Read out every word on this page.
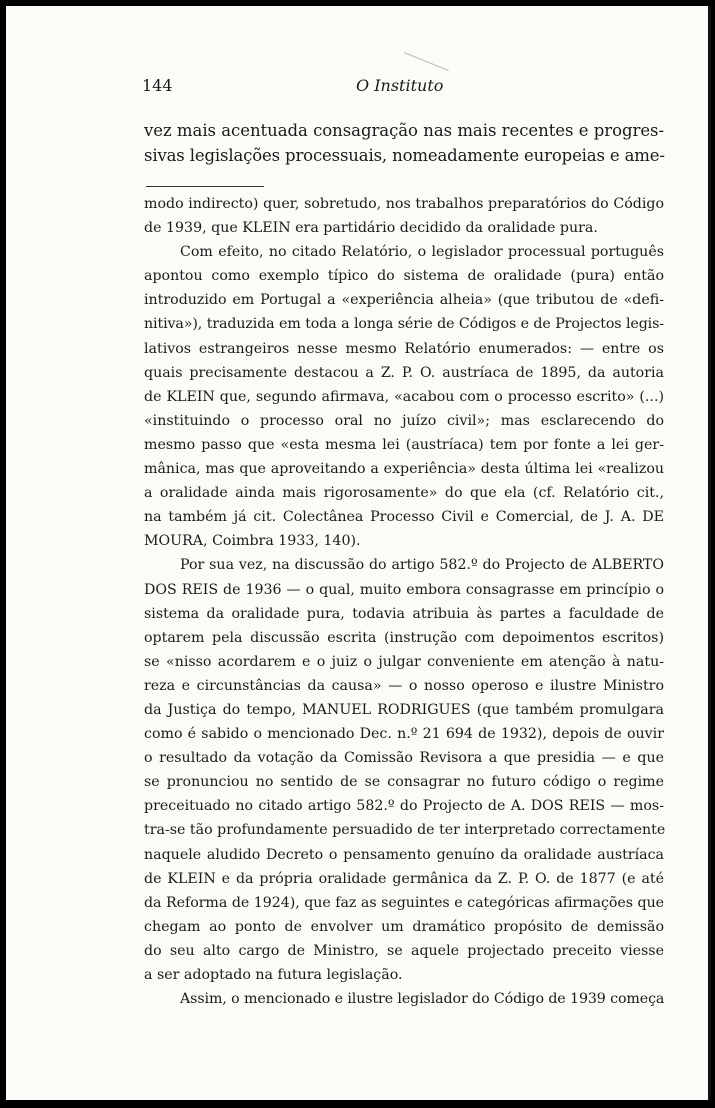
144	O Instituto
vez mais acentuada consagração nas mais recentes e progres-
sivas legislações processuais, nomeadamente europeias e ame-

modo indirecto) quer, sobretudo, nos trabalhos preparatórios do Código
de 1939, que KLEIN era partidário decidido da oralidade pura.

Com efeito, no citado Relatório, o legislador processual português
apontou como exemplo típico do sistema de oralidade (pura) então
introduzido em Portugal a «experiência alheia» (que tributou de «defi-
nitiva»), traduzida em toda a longa série de Códigos e de Projectos legis-
lativos estrangeiros nesse mesmo Relatório enumerados: — entre os
quais precisamente destacou a Z. P. O. austríaca de 1895, da autoria
de KLEIN que, segundo afirmava, «acabou com o processo escrito» (...)
«instituindo o processo oral no juízo civil»; mas esclarecendo do
mesmo passo que «esta mesma lei (austríaca) tem por fonte a lei ger-
mânica, mas que aproveitando a experiência» desta última lei «realizou
a oralidade ainda mais rigorosamente» do que ela (cf. Relatório cit.,
na também já cit. Colectânea Processo Civil e Comercial, de J. A. DE
MOURA, Coimbra 1933, 140).

Por sua vez, na discussão do artigo 582.º do Projecto de ALBERTO
DOS REIS de 1936 — o qual, muito embora consagrasse em princípio o
sistema da oralidade pura, todavia atribuia às partes a faculdade de
optarem pela discussão escrita (instrução com depoimentos escritos)
se «nisso acordarem e o juiz o julgar conveniente em atenção à natu-
reza e circunstâncias da causa» — o nosso operoso e ilustre Ministro
da Justiça do tempo, MANUEL RODRIGUES (que também promulgara
como é sabido o mencionado Dec. n.º 21 694 de 1932), depois de ouvir
o resultado da votação da Comissão Revisora a que presidia — e que
se pronunciou no sentido de se consagrar no futuro código o regime
preceituado no citado artigo 582.º do Projecto de A. DOS REIS — mos-
tra-se tão profundamente persuadido de ter interpretado correctamente
naquele aludido Decreto o pensamento genuíno da oralidade austríaca
de KLEIN e da própria oralidade germânica da Z. P. O. de 1877 (e até
da Reforma de 1924), que faz as seguintes e categóricas afirmações que
chegam ao ponto de envolver um dramático propósito de demissão
do seu alto cargo de Ministro, se aquele projectado preceito viesse
a ser adoptado na futura legislação.

Assim, o mencionado e ilustre legislador do Código de 1939 começa
